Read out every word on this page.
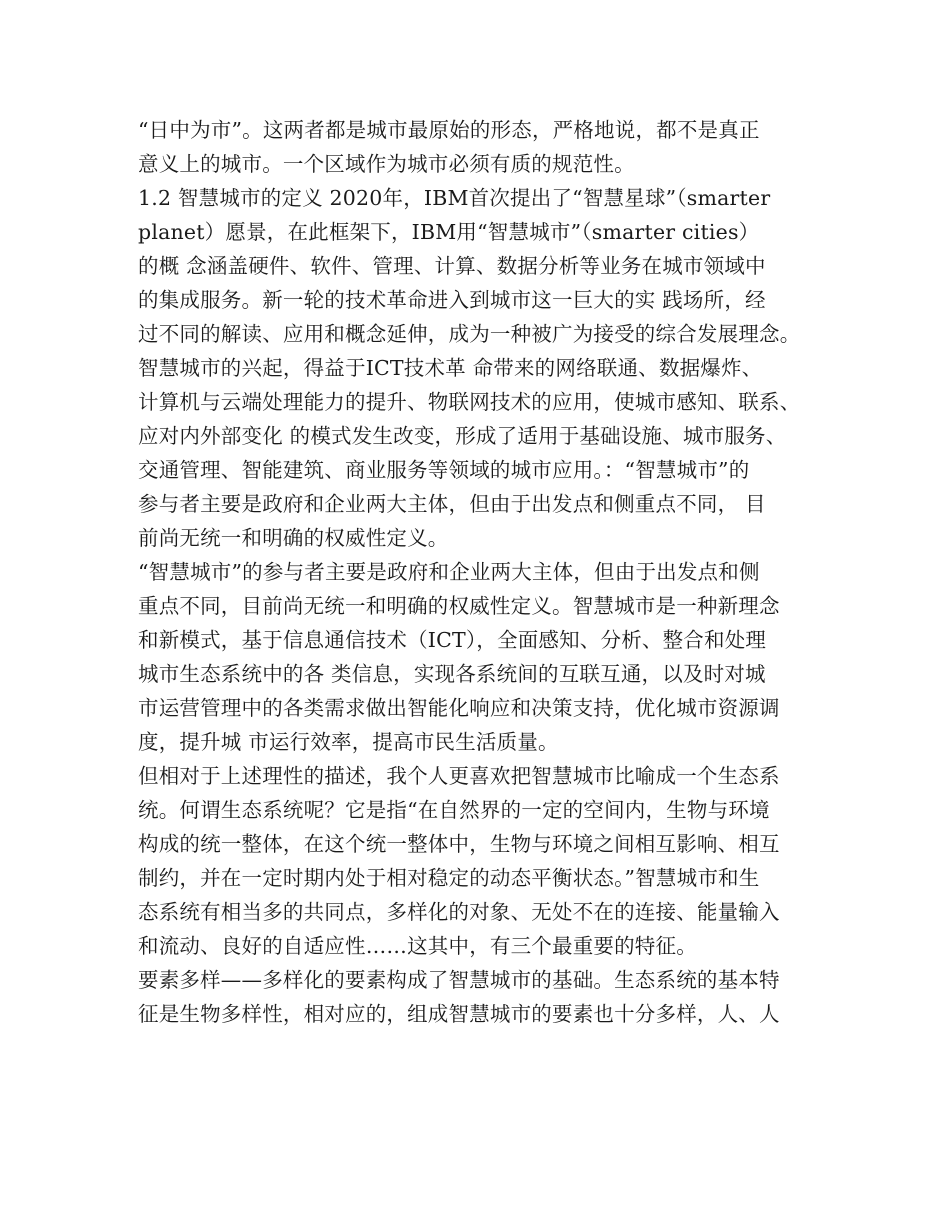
“日中为市”。这两者都是城市最原始的形态，严格地说，都不是真正
意义上的城市。一个区域作为城市必须有质的规范性。
1.2 智慧城市的定义 2020年，IBM首次提出了“智慧星球”（smarter
planet）愿景，在此框架下，IBM用“智慧城市”（smarter cities）
的概 念涵盖硬件、软件、管理、计算、数据分析等业务在城市领域中
的集成服务。新一轮的技术革命进入到城市这一巨大的实 践场所，经
过不同的解读、应用和概念延伸，成为一种被广为接受的综合发展理念。
智慧城市的兴起，得益于ICT技术革 命带来的网络联通、数据爆炸、
计算机与云端处理能力的提升、物联网技术的应用，使城市感知、联系、
应对内外部变化 的模式发生改变，形成了适用于基础设施、城市服务、
交通管理、智能建筑、商业服务等领域的城市应用。：“智慧城市”的
参与者主要是政府和企业两大主体，但由于出发点和侧重点不同， 目
前尚无统一和明确的权威性定义。
“智慧城市”的参与者主要是政府和企业两大主体，但由于出发点和侧
重点不同，目前尚无统一和明确的权威性定义。智慧城市是一种新理念
和新模式，基于信息通信技术（ICT），全面感知、分析、整合和处理
城市生态系统中的各 类信息，实现各系统间的互联互通，以及时对城
市运营管理中的各类需求做出智能化响应和决策支持，优化城市资源调
度，提升城 市运行效率，提高市民生活质量。
但相对于上述理性的描述，我个人更喜欢把智慧城市比喻成一个生态系
统。何谓生态系统呢？它是指“在自然界的一定的空间内，生物与环境
构成的统一整体，在这个统一整体中，生物与环境之间相互影响、相互
制约，并在一定时期内处于相对稳定的动态平衡状态。”智慧城市和生
态系统有相当多的共同点，多样化的对象、无处不在的连接、能量输入
和流动、良好的自适应性……这其中，有三个最重要的特征。
要素多样——多样化的要素构成了智慧城市的基础。生态系统的基本特
征是生物多样性，相对应的，组成智慧城市的要素也十分多样，人、人
